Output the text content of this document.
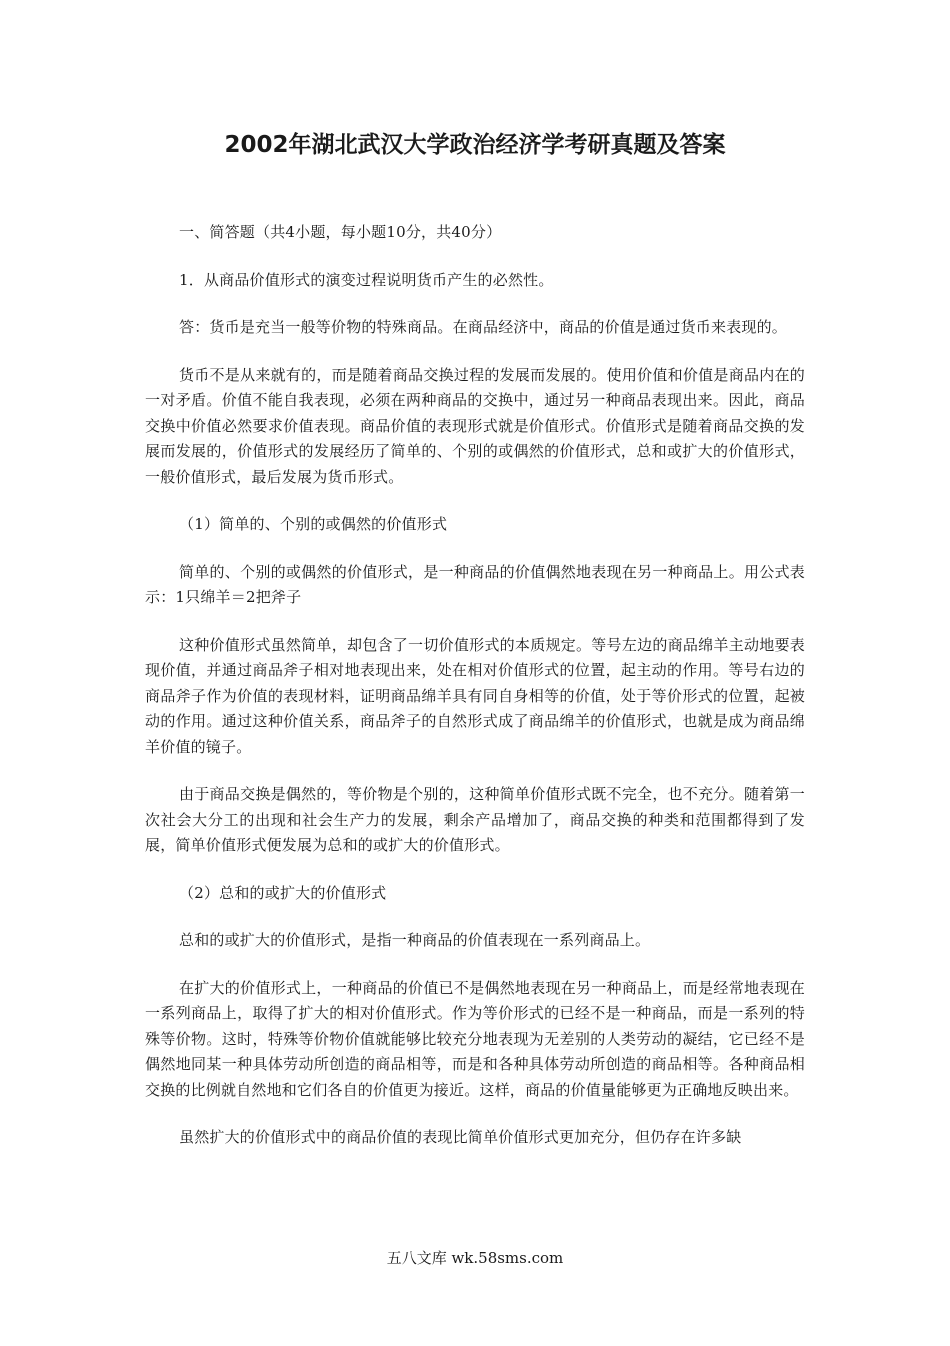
2002年湖北武汉大学政治经济学考研真题及答案

一、简答题（共4小题，每小题10分，共40分）

1．从商品价值形式的演变过程说明货币产生的必然性。

答：货币是充当一般等价物的特殊商品。在商品经济中，商品的价值是通过货币来表现的。

货币不是从来就有的，而是随着商品交换过程的发展而发展的。使用价值和价值是商品内在的一对矛盾。价值不能自我表现，必须在两种商品的交换中，通过另一种商品表现出来。因此，商品交换中价值必然要求价值表现。商品价值的表现形式就是价值形式。价值形式是随着商品交换的发展而发展的，价值形式的发展经历了简单的、个别的或偶然的价值形式，总和或扩大的价值形式，一般价值形式，最后发展为货币形式。

（1）简单的、个别的或偶然的价值形式

简单的、个别的或偶然的价值形式，是一种商品的价值偶然地表现在另一种商品上。用公式表示：1只绵羊＝2把斧子

这种价值形式虽然简单，却包含了一切价值形式的本质规定。等号左边的商品绵羊主动地要表现价值，并通过商品斧子相对地表现出来，处在相对价值形式的位置，起主动的作用。等号右边的商品斧子作为价值的表现材料，证明商品绵羊具有同自身相等的价值，处于等价形式的位置，起被动的作用。通过这种价值关系，商品斧子的自然形式成了商品绵羊的价值形式，也就是成为商品绵羊价值的镜子。

由于商品交换是偶然的，等价物是个别的，这种简单价值形式既不完全，也不充分。随着第一次社会大分工的出现和社会生产力的发展，剩余产品增加了，商品交换的种类和范围都得到了发展，简单价值形式便发展为总和的或扩大的价值形式。

（2）总和的或扩大的价值形式

总和的或扩大的价值形式，是指一种商品的价值表现在一系列商品上。

在扩大的价值形式上，一种商品的价值已不是偶然地表现在另一种商品上，而是经常地表现在一系列商品上，取得了扩大的相对价值形式。作为等价形式的已经不是一种商品，而是一系列的特殊等价物。这时，特殊等价物价值就能够比较充分地表现为无差别的人类劳动的凝结，它已经不是偶然地同某一种具体劳动所创造的商品相等，而是和各种具体劳动所创造的商品相等。各种商品相交换的比例就自然地和它们各自的价值更为接近。这样，商品的价值量能够更为正确地反映出来。

虽然扩大的价值形式中的商品价值的表现比简单价值形式更加充分，但仍存在许多缺

五八文库 wk.58sms.com
